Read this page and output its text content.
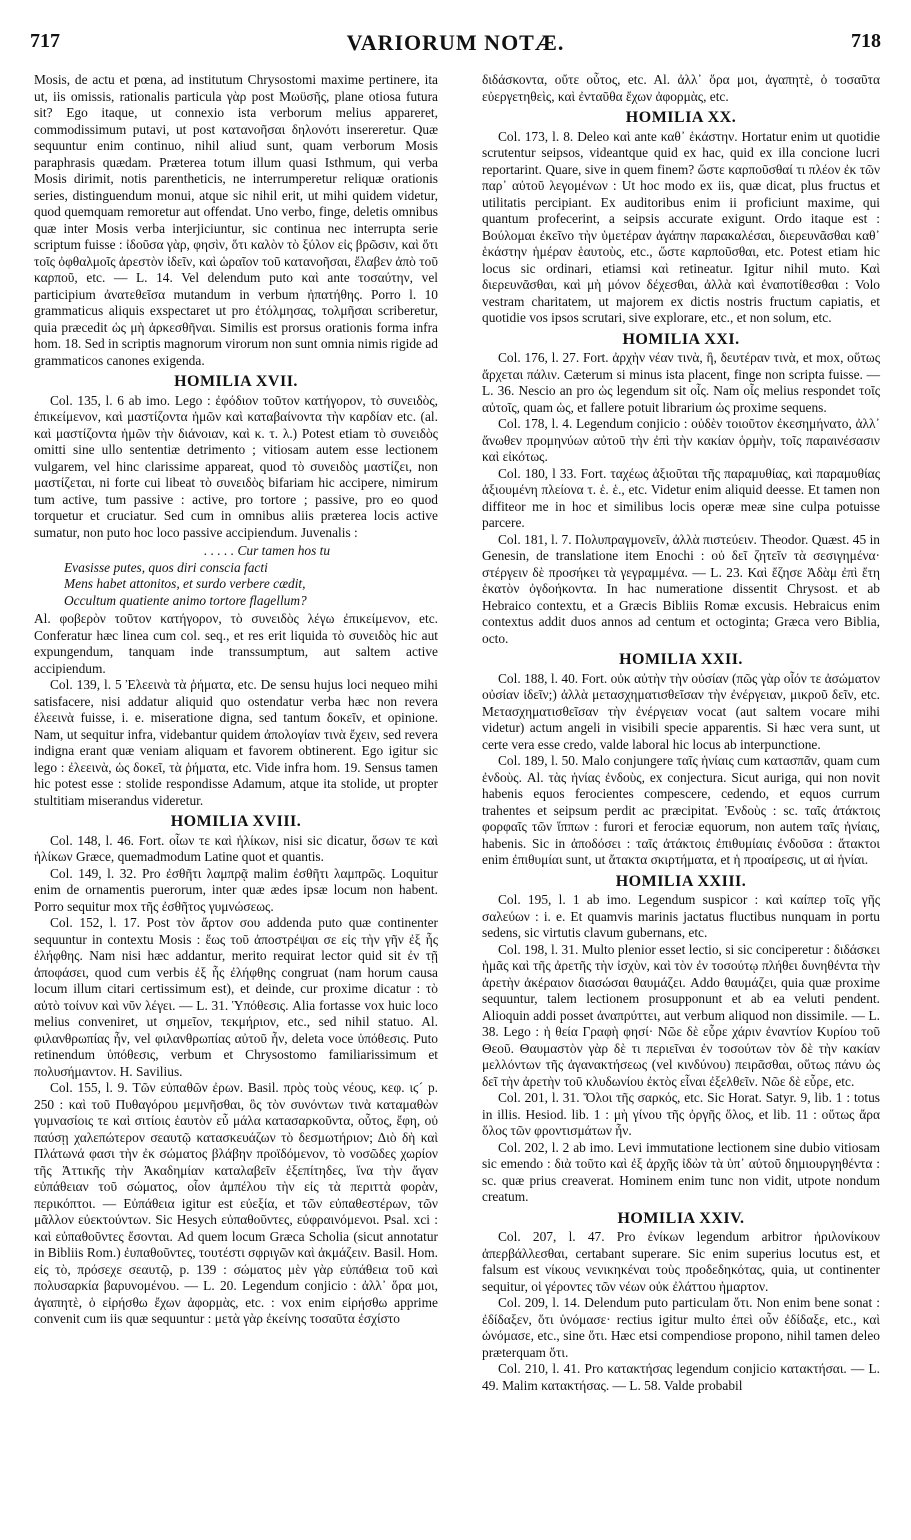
717	VARIORUM NOTÆ.	718

Mosis, de actu et pœna, ad institutum Chrysostomi maxime pertinere, ita ut, iis omissis, rationalis particula γὰρ post Μωϋσῆς, plane otiosa futura sit? Ego itaque, ut connexio ista verborum melius appareret, commodissimum putavi, ut post κατανοῆσαι δηλονότι insereretur. Quæ sequuntur enim continuo, nihil aliud sunt, quam verborum Mosis paraphrasis quædam. Præterea totum illum quasi Isthmum, qui verba Mosis dirimit, notis parentheticis, ne interrumperetur reliquæ orationis series, distinguendum monui, atque sic nihil erit, ut mihi quidem videtur, quod quemquam remoretur aut offendat. Uno verbo, finge, deletis omnibus quæ inter Mosis verba interjiciuntur, sic continua nec interrupta serie scriptum fuisse : ἰδοῦσα γὰρ, φησὶν, ὅτι καλὸν τὸ ξύλον εἰς βρῶσιν, καὶ ὅτι τοῖς ὀφθαλμοῖς ἀρεστὸν ἰδεῖν, καὶ ὡραῖον τοῦ κατανοῆσαι, ἔλαβεν ἀπὸ τοῦ καρποῦ, etc. — L. 14. Vel delendum puto καὶ ante τοσαύτην, vel participium ἀνατεθεῖσα mutandum in verbum ἠπατήθης. Porro l. 10 grammaticus aliquis exspectaret ut pro ἐτόλμησας, τολμῆσαι scriberetur, quia præcedit ὡς μὴ ἀρκεσθῆναι. Similis est prorsus orationis forma infra hom. 18. Sed in scriptis magnorum virorum non sunt omnia nimis rigide ad grammaticos canones exigenda.

HOMILIA XVII.

Col. 135, l. 6 ab imo. Lego : ἐφόδιον τοῦτον κατήγορον, τὸ συνειδὸς, ἐπικείμενον, καὶ μαστίζοντα ἡμῶν καὶ καταβαίνοντα τὴν καρδίαν etc. (al. καὶ μαστίζοντα ἡμῶν τὴν διάνοιαν, καὶ κ. τ. λ.) Potest etiam τὸ συνειδὸς omitti sine ullo sententiæ detrimento ; vitiosam autem esse lectionem vulgarem, vel hinc clarissime appareat, quod τὸ συνειδὸς μαστίζει, non μαστίζεται, ni forte cui libeat τὸ συνειδὸς bifariam hic accipere, nimirum tum active, tum passive : active, pro tortore ; passive, pro eo quod torquetur et cruciatur. Sed cum in omnibus aliis præterea locis active sumatur, non puto hoc loco passive accipiendum. Juvenalis :

. . . . . Cur tamen hos tu
Evasisse putes, quos diri conscia facti
Mens habet attonitos, et surdo verbere cædit,
Occultum quatiente animo tortore flagellum?

Al. φοβερὸν τοῦτον κατήγορον, τὸ συνειδὸς λέγω ἐπικείμενον, etc. Conferatur hæc linea cum col. seq., et res erit liquida τὸ συνειδὸς hic aut expungendum, tanquam inde transsumptum, aut saltem active accipiendum.

Col. 139, l. 5 Ἐλεεινὰ τὰ ῥήματα, etc. De sensu hujus loci nequeo mihi satisfacere, nisi addatur aliquid quo ostendatur verba hæc non revera ἐλεεινὰ fuisse, i. e. miseratione digna, sed tantum δοκεῖν, et opinione. Nam, ut sequitur infra, videbantur quidem ἀπολογίαν τινὰ ἔχειν, sed revera indigna erant quæ veniam aliquam et favorem obtinerent. Ego igitur sic lego : ἐλεεινὰ, ὡς δοκεῖ, τὰ ῥήματα, etc. Vide infra hom. 19. Sensus tamen hic potest esse : stolide respondisse Adamum, atque ita stolide, ut propter stultitiam miserandus videretur.

HOMILIA XVIII.

Col. 148, l. 46. Fort. οἷων τε καὶ ἡλίκων, nisi sic dicatur, ὅσων τε καὶ ἡλίκων Græce, quemadmodum Latine quot et quantis.

Col. 149, l. 32. Pro ἐσθῆτι λαμπρᾷ malim ἐσθῆτι λαμπρῶς. Loquitur enim de ornamentis puerorum, inter quæ ædes ipsæ locum non habent. Porro sequitur mox τῆς ἐσθῆτος γυμνώσεως.

Col. 152, l. 17. Post τὸν ἄρτον σου addenda puto quæ continenter sequuntur in contextu Mosis : ἕως τοῦ ἀποστρέψαι σε εἰς τὴν γῆν ἐξ ἧς ἐλήφθης. Nam nisi hæc addantur, merito requirat lector quid sit ἐν τῇ ἀποφάσει, quod cum verbis ἐξ ἧς ἐλήφθης congruat (nam horum causa locum illum citari certissimum est), et deinde, cur proxime dicatur : τὸ αὐτὸ τοίνυν καὶ νῦν λέγει. — L. 31. Ὑπόθεσις. Alia fortasse vox huic loco melius conveniret, ut σημεῖον, τεκμήριον, etc., sed nihil statuo. Al. φιλανθρωπίας ἦν, vel φιλανθρωπίας αὐτοῦ ἦν, deleta voce ὑπόθεσις. Puto retinendum ὑπόθεσις, verbum et Chrysostomo familiarissimum et πολυσήμαντον. H. Savilius.

Col. 155, l. 9. Τῶν εὐπαθῶν ἐρων. Basil. πρὸς τοὺς νέους, κεφ. ιϛ´ p. 250 : καὶ τοῦ Πυθαγόρου μεμνῆσθαι, ὃς τὸν συνόντων τινὰ καταμαθὼν γυμνασίοις τε καὶ σιτίοις ἑαυτὸν εὖ μάλα κατασαρκοῦντα, οὗτος, ἔφη, οὐ παύσῃ χαλεπώτερον σεαυτῷ κατασκευάζων τὸ δεσμωτήριον; Διὸ δὴ καὶ Πλάτωνά φασι τὴν ἐκ σώματος βλάβην προϊδόμενον, τὸ νοσῶδες χωρίον τῆς Ἀττικῆς τὴν Ἀκαδημίαν καταλαβεῖν ἐξεπίτηδες, ἵνα τὴν ἄγαν εὐπάθειαν τοῦ σώματος, οἷον ἀμπέλου τὴν εἰς τὰ περιττὰ φορὰν, περικόπτοι. — Εὐπάθεια igitur est εὐεξία, et τῶν εὐπαθεστέρων, τῶν μᾶλλον εὐεκτούντων. Sic Hesych εὐπαθοῦντες, εὐφραινόμενοι. Psal. xci : καὶ εὐπαθοῦντες ἔσονται. Ad quem locum Græca Scholia (sicut annotatur in Bibliis Rom.) ἐυπαθοῦντες, τουτέστι σφριγῶν καὶ ἀκμάζειν. Basil. Hom. εἰς τὸ, πρόσεχε σεαυτῷ, p. 139 : σώματος μὲν γὰρ εὐπάθεια τοῦ καὶ πολυσαρκία βαρυνομένου. — L. 20. Legendum conjicio : ἀλλ᾽ ὅρα μοι, ἀγαπητὲ, ὁ εἰρήσθω ἔχων ἀφορμὰς, etc. : vox enim εἰρήσθω apprime convenit cum iis quæ sequuntur : μετὰ γὰρ ἐκείνης τοσαῦτα ἐσχίστο

διδάσκοντα, οὔτε οὗτος, etc. Al. ἀλλ᾽ ὅρα μοι, ἀγαπητὲ, ὁ τοσαῦτα εὐεργετηθεὶς, καὶ ἐνταῦθα ἔχων ἀφορμὰς, etc.

HOMILIA XX.

Col. 173, l. 8. Deleo καὶ ante καθ᾽ ἑκάστην. Hortatur enim ut quotidie scrutentur seipsos, videantque quid ex hac, quid ex illa concione lucri reportarint. Quare, sive in quem finem? ὥστε καρποῦσθαί τι πλέον ἐκ τῶν παρ᾽ αὐτοῦ λεγομένων : Ut hoc modo ex iis, quæ dicat, plus fructus et utilitatis percipiant. Ex auditoribus enim ii proficiunt maxime, qui quantum profecerint, a seipsis accurate exigunt. Ordo itaque est : Βούλομαι ἐκεῖνο τὴν ὑμετέραν ἀγάπην παρακαλέσαι, διερευνᾶσθαι καθ᾽ ἑκάστην ἡμέραν ἑαυτοὺς, etc., ὥστε καρποῦσθαι, etc. Potest etiam hic locus sic ordinari, etiamsi καὶ retineatur. Igitur nihil muto. Καὶ διερευνᾶσθαι, καὶ μὴ μόνον δέχεσθαι, ἀλλὰ καὶ ἐναποτίθεσθαι : Volo vestram charitatem, ut majorem ex dictis nostris fructum capiatis, et quotidie vos ipsos scrutari, sive explorare, etc., et non solum, etc.

HOMILIA XXI.

Col. 176, l. 27. Fort. ἀρχὴν νέαν τινὰ, ἢ, δευτέραν τινὰ, et mox, οὕτως ἄρχεται πάλιν. Cæterum si minus ista placent, finge non scripta fuisse. — L. 36. Nescio an pro ὡς legendum sit οἷς. Nam οἷς melius respondet τοῖς αὐτοῖς, quam ὡς, et fallere potuit librarium ὡς proxime sequens.

Col. 178, l. 4. Legendum conjicio : οὐδὲν τοιοῦτον ἐκεσημήνατο, ἀλλ᾽ ἄνωθεν προμηνύων αὐτοῦ τὴν ἐπὶ τὴν κακίαν ὁρμὴν, τοῖς παραινέσασιν καὶ εἰκότως.

Col. 180, l 33. Fort. ταχέως ἀξιοῦται τῆς παραμυθίας, καὶ παραμυθίας ἀξιουμένη πλείονα τ. ἑ. ἑ., etc. Videtur enim aliquid deesse. Et tamen non diffiteor me in hoc et similibus locis operæ meæ sine culpa potuisse parcere.

Col. 181, l. 7. Πολυπραγμονεῖν, ἀλλὰ πιστεύειν. Theodor. Quæst. 45 in Genesin, de translatione item Enochi : οὐ δεῖ ζητεῖν τὰ σεσιγημένα· στέργειν δὲ προσήκει τὰ γεγραμμένα. — L. 23. Καὶ ἔζησε Ἀδὰμ ἐπὶ ἔτη ἑκατὸν ὀγδοήκοντα. In hac numeratione dissentit Chrysost. et ab Hebraico contextu, et a Græcis Bibliis Romæ excusis. Hebraicus enim contextus addit duos annos ad centum et octoginta; Græca vero Biblia, octo.

HOMILIA XXII.

Col. 188, l. 40. Fort. οὐκ αὐτὴν τὴν οὐσίαν (πῶς γὰρ οἷόν τε ἀσώματον οὐσίαν ἰδεῖν;) ἀλλὰ μετασχηματισθεῖσαν τὴν ἐνέργειαν, μικροῦ δεῖν, etc. Μετασχηματισθεῖσαν τὴν ἐνέργειαν vocat (aut saltem vocare mihi videtur) actum angeli in visibili specie apparentis. Si hæc vera sunt, ut certe vera esse credo, valde laboral hic locus ab interpunctione.

Col. 189, l. 50. Malo conjungere ταῖς ἡνίαις cum κατασπᾶν, quam cum ἐνδοὺς. Al. τὰς ἡνίας ἐνδοὺς, ex conjectura. Sicut auriga, qui non novit habenis equos ferocientes compescere, cedendo, et equos currum trahentes et seipsum perdit ac præcipitat. Ἐνδοὺς : sc. ταῖς ἀτάκτοις φορφαῖς τῶν ἵππων : furori et ferociæ equorum, non autem ταῖς ἡνίαις, habenis. Sic in ἀποδόσει : ταῖς ἀτάκτοις ἐπιθυμίαις ἐνδοῦσα : ἄτακτοι enim ἐπιθυμίαι sunt, ut ἄτακτα σκιρτήματα, et ἡ προαίρεσις, ut αἱ ἡνίαι.

HOMILIA XXIII.

Col. 195, l. 1 ab imo. Legendum suspicor : καὶ καίπερ τοῖς γῆς σαλεύων : i. e. Et quamvis marinis jactatus fluctibus nunquam in portu sedens, sic virtutis clavum gubernans, etc.

Col. 198, l. 31. Multo plenior esset lectio, si sic conciperetur : διδάσκει ἡμᾶς καὶ τῆς ἀρετῆς τὴν ἰσχὺν, καὶ τὸν ἐν τοσούτῳ πλήθει δυνηθέντα τὴν ἀρετὴν ἀκέραιον διασώσαι θαυμάζει. Addo θαυμάζει, quia quæ proxime sequuntur, talem lectionem prosupponunt et ab ea veluti pendent. Alioquin addi posset ἀναπρύττει, aut verbum aliquod non dissimile. — L. 38. Lego : ἡ θεία Γραφὴ φησί· Νῶε δὲ εὗρε χάριν ἐναντίον Κυρίου τοῦ Θεοῦ. Θαυμαστὸν γὰρ δὲ τι περιεῖναι ἐν τοσούτων τὸν δὲ τὴν κακίαν μελλόντων τῆς ἀγανακτήσεως (vel κινδύνου) πειρᾶσθαι, οὕτως πάνυ ὡς δεῖ τὴν ἀρετὴν τοῦ κλυδωνίου ἐκτὸς εἶναι ἐξελθεῖν. Νῶε δὲ εὗρε, etc.

Col. 201, l. 31. Ὅλοι τῆς σαρκός, etc. Sic Horat. Satyr. 9, lib. 1 : totus in illis. Hesiod. lib. 1 : μὴ γίνου τῆς ὀργῆς ὅλος, et lib. 11 : οὕτως ἄρα ὅλος τῶν φροντισμάτων ἦν.

Col. 202, l. 2 ab imo. Levi immutatione lectionem sine dubio vitiosam sic emendo : διὰ τοῦτο καὶ ἐξ ἀρχῆς ἰδὼν τὰ ὑπ᾽ αὐτοῦ δημιουργηθέντα : sc. quæ prius creaverat. Hominem enim tunc non vidit, utpote nondum creatum.

HOMILIA XXIV.

Col. 207, l. 47. Pro ἐνίκων legendum arbitror ἠριλονίκουν ἀπερβάλλεσθαι, certabant superare. Sic enim superius locutus est, et falsum est νίκους νενικηκέναι τοὺς προδεδηκότας, quia, ut continenter sequitur, οἱ γέροντες τῶν νέων οὐκ ἐλάττου ἡμαρτον.

Col. 209, l. 14. Delendum puto particulam ὅτι. Non enim bene sonat : ἐδίδαξεν, ὅτι ὑνόμασε· rectius igitur multo ἐπεὶ οὖν ἐδίδαξε, etc., καὶ ὠνόμασε, etc., sine ὅτι. Hæc etsi compendiose propono, nihil tamen deleo præterquam ὅτι.

Col. 210, l. 41. Pro κατακτήσας legendum conjicio κατακτήσαι. — L. 49. Malim κατακτήσας. — L. 58. Valde probabil
